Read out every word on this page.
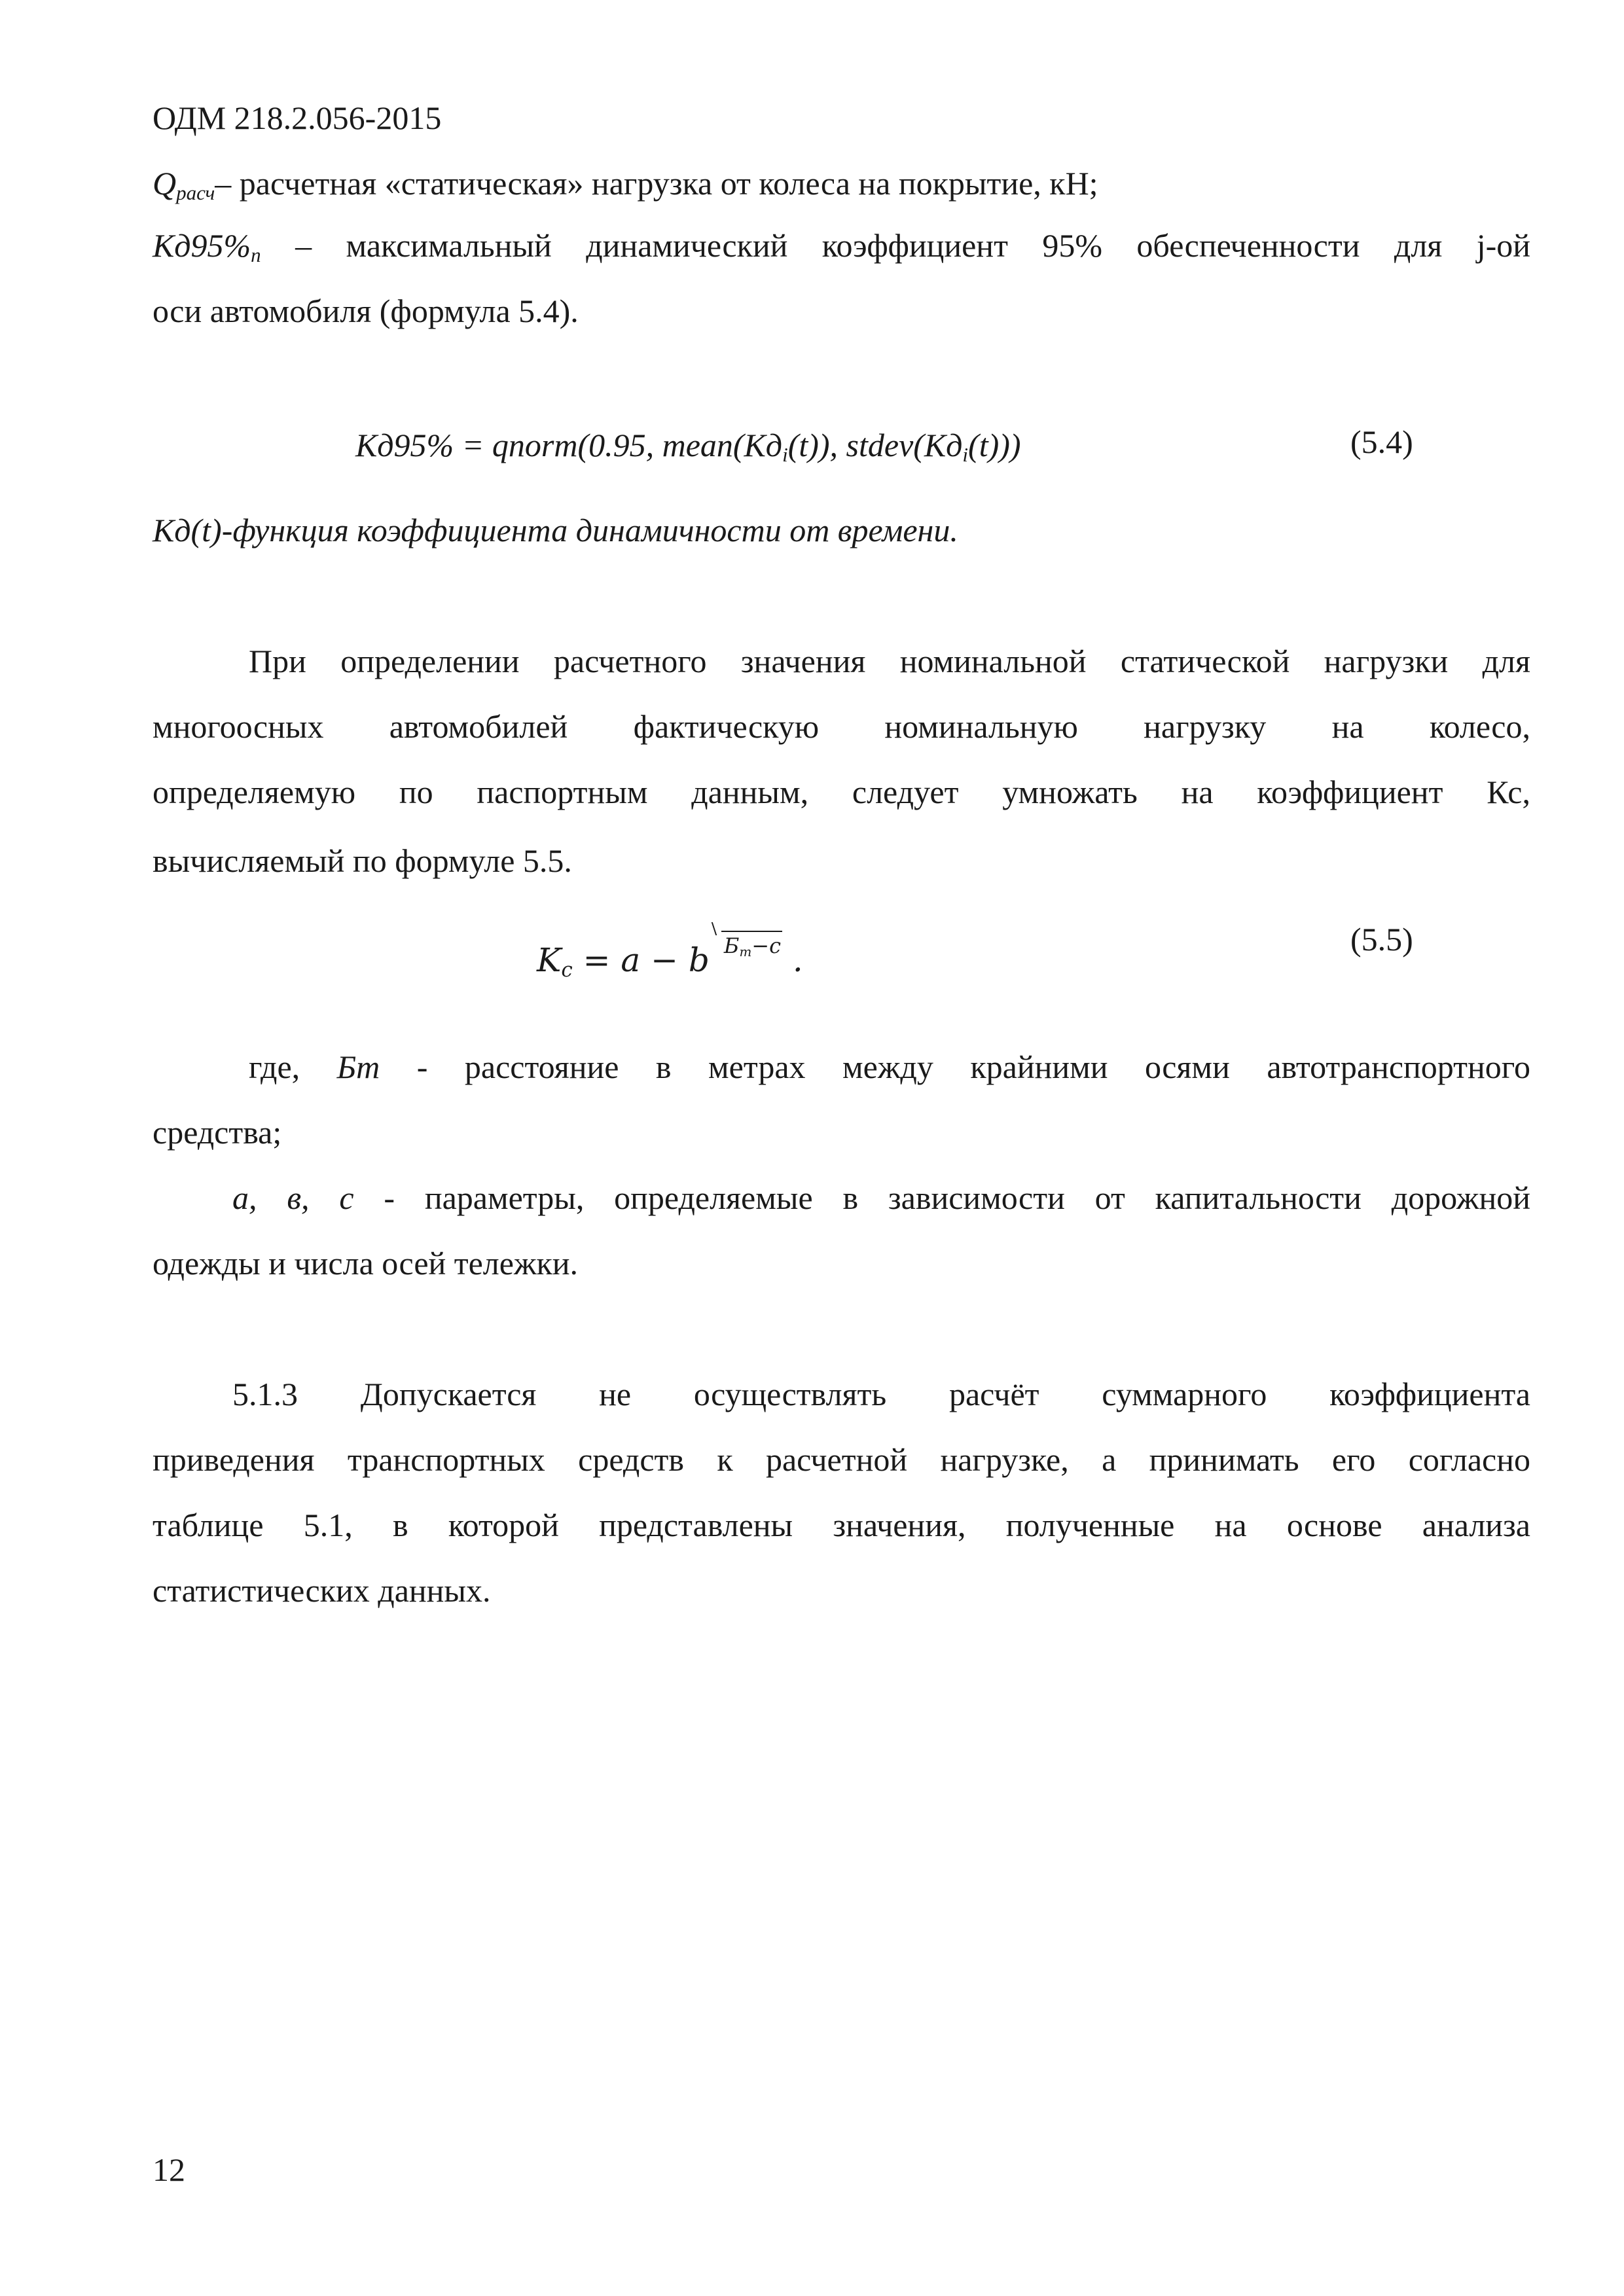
ОДМ 218.2.056-2015
$Q_{расч}-$ расчетная «статическая» нагрузка от колеса на покрытие, кН;
$Кд95\%_n$ – максимальный динамический коэффициент 95% обеспеченности для j-ой
оси автомобиля (формула 5.4).
Кд95% = qnorm(0.95, $mean(Кд_i(t))$, $stdev(Кд_i(t))$)	(5.4)
Кд(t)-функция коэффициента динамичности от времени.
При определении расчетного значения номинальной статической нагрузки для
многоосных автомобилей фактическую номинальную нагрузку на колесо,
определяемую по паспортным данным, следует умножать на коэффициент Кс,
вычисляемый по формуле 5.5.
$K_c = a - b$ $Б_m-c$ .
(5.5)
где, Бт - расстояние в метрах между крайними осями автотранспортного
средства;
а, в, с - параметры, определяемые в зависимости от капитальности дорожной
одежды и числа осей тележки.
5.1.3 Допускается не осуществлять расчёт суммарного коэффициента
приведения транспортных средств к расчетной нагрузке, а принимать его согласно
таблице 5.1, в которой представлены значения, полученные на основе анализа
статистических данных.
12
